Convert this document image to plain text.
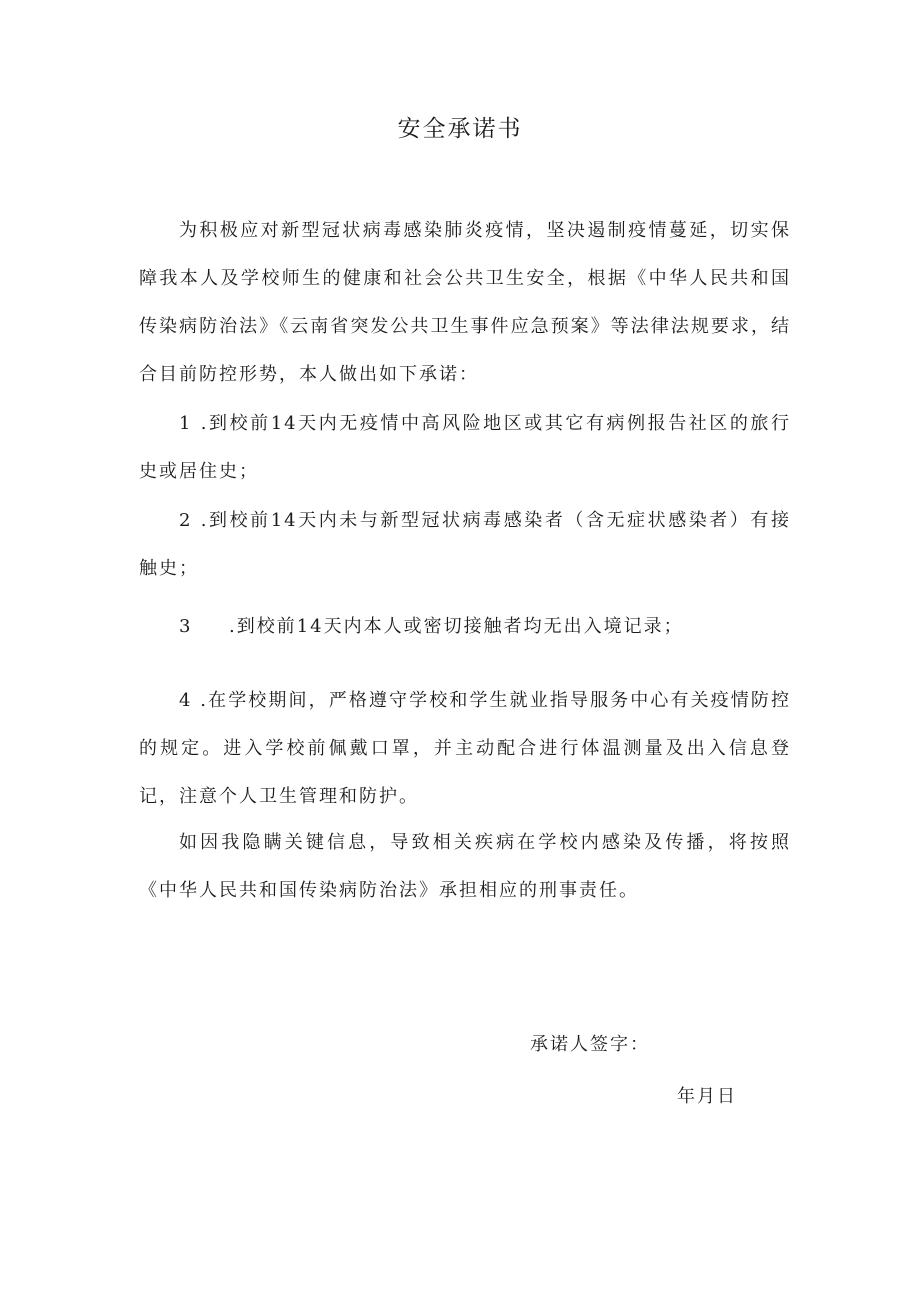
安全承诺书

为积极应对新型冠状病毒感染肺炎疫情，坚决遏制疫情蔓延，切实保障我本人及学校师生的健康和社会公共卫生安全，根据《中华人民共和国传染病防治法》《云南省突发公共卫生事件应急预案》等法律法规要求，结合目前防控形势，本人做出如下承诺：

1 .到校前14天内无疫情中高风险地区或其它有病例报告社区的旅行史或居住史；

2 .到校前14天内未与新型冠状病毒感染者（含无症状感染者）有接触史；

3 .到校前14天内本人或密切接触者均无出入境记录；

4 .在学校期间，严格遵守学校和学生就业指导服务中心有关疫情防控的规定。进入学校前佩戴口罩，并主动配合进行体温测量及出入信息登记，注意个人卫生管理和防护。

如因我隐瞒关键信息，导致相关疾病在学校内感染及传播，将按照《中华人民共和国传染病防治法》承担相应的刑事责任。

承诺人签字：

年月日
